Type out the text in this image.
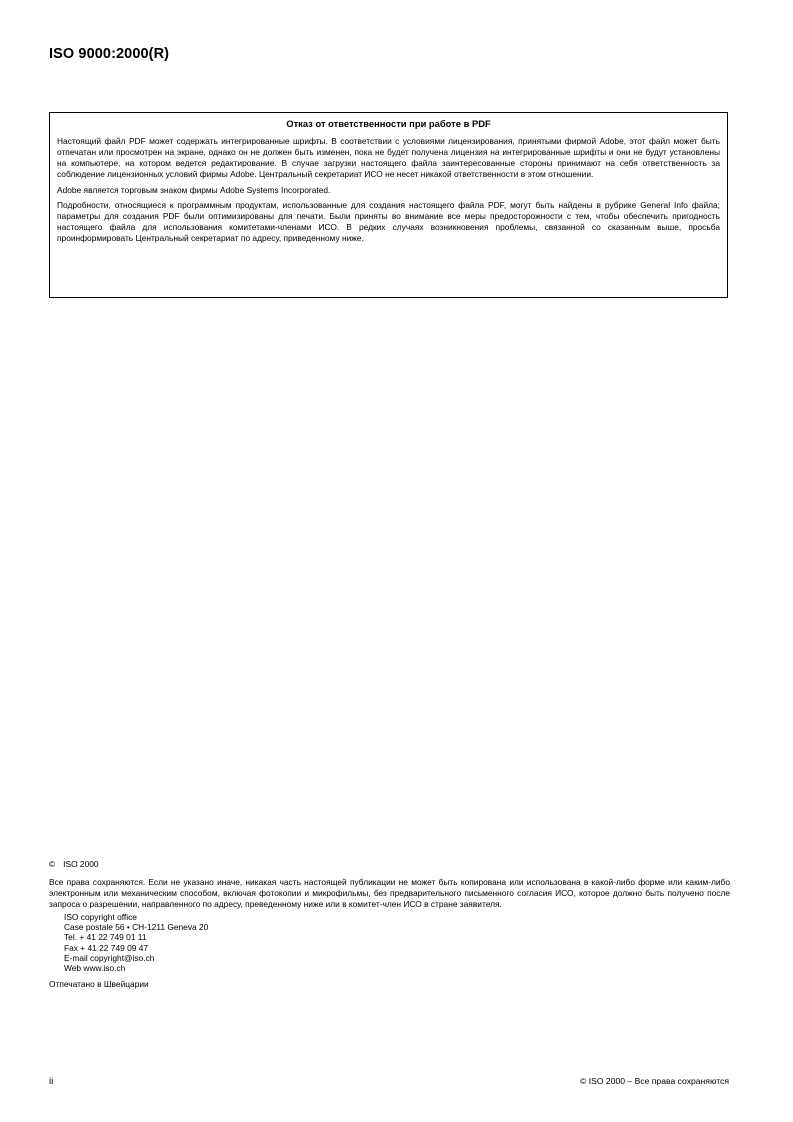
ISO 9000:2000(R)

Отказ от ответственности при работе в PDF

Настоящий файл PDF может содержать интегрированные шрифты. В соответствии с условиями лицензирования, принятыми фирмой Adobe, этот файл может быть отпечатан или просмотрен на экране, однако он не должен быть изменен, пока не будет получена лицензия на интегрированные шрифты и они не будут установлены на компьютере, на котором ведется редактирование. В случае загрузки настоящего файла заинтересованные стороны принимают на себя ответственность за соблюдение лицензионных условий фирмы Adobe. Центральный секретариат ИСО не несет никакой ответственности в этом отношении.

Adobe является торговым знаком фирмы Adobe Systems Incorporated.

Подробности, относящиеся к программным продуктам, использованные для создания настоящего файла PDF, могут быть найдены в рубрике General Info файла; параметры для создания PDF были оптимизированы для печати. Были приняты во внимание все меры предосторожности с тем, чтобы обеспечить пригодность настоящего файла для использования комитетами-членами ИСО. В редких случаях возникновения проблемы, связанной со сказанным выше, просьба проинформировать Центральный секретариат по адресу, приведенному ниже.

© ISO 2000

Все права сохраняются. Если не указано иначе, никакая часть настоящей публикации не может быть копирована или использована в какой-либо форме или каким-либо электронным или механическим способом, включая фотокопии и микрофильмы, без предварительного письменного согласия ИСО, которое должно быть получено после запроса о разрешении, направленного по адресу, преведенному ниже или в комитет-член ИСО в стране заявителя.

ISO copyright office
Case postale 56 • CH-1211 Geneva 20
Tel. + 41 22 749 01 11
Fax + 41 22 749 09 47
E-mail copyright@iso.ch
Web www.iso.ch

Отпечатано в Швейцарии

ii	© ISO 2000 – Все права сохраняются
